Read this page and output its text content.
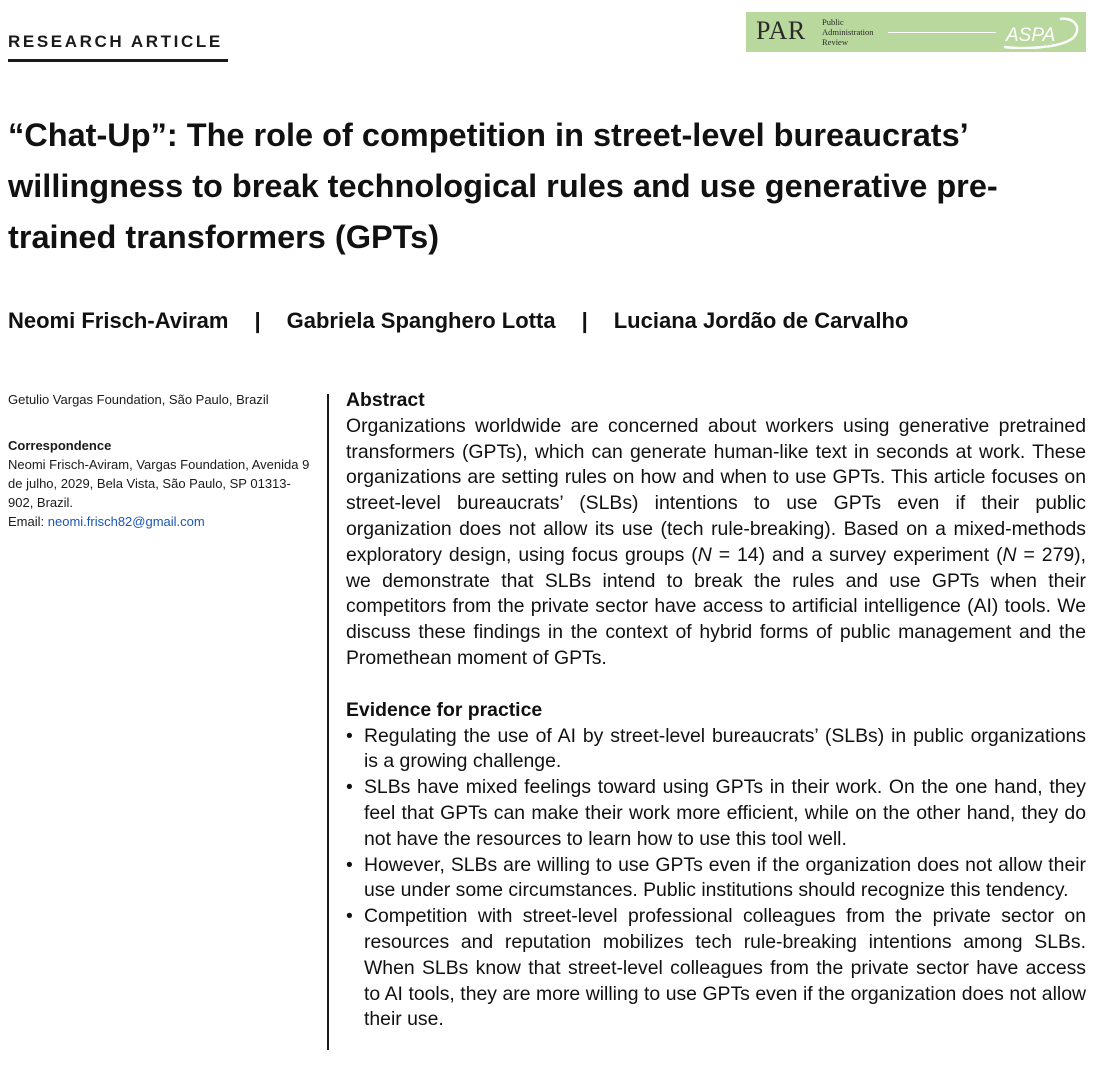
RESEARCH ARTICLE	PAR Public
Administration
Review	ASPA
“Chat-Up”: The role of competition in street-level bureaucrats’ willingness to break technological rules and use generative pre-trained transformers (GPTs)
Neomi Frisch-Aviram | Gabriela Spanghero Lotta | Luciana Jordão de Carvalho
Getulio Vargas Foundation, São Paulo, Brazil
Correspondence
Neomi Frisch-Aviram, Vargas Foundation, Avenida 9 de julho, 2029, Bela Vista, São Paulo, SP 01313-902, Brazil.
Email: neomi.frisch82@gmail.com
Abstract

Organizations worldwide are concerned about workers using generative pretrained transformers (GPTs), which can generate human-like text in seconds at work. These organizations are setting rules on how and when to use GPTs. This article focuses on street-level bureaucrats’ (SLBs) intentions to use GPTs even if their public organization does not allow its use (tech rule-breaking). Based on a mixed-methods exploratory design, using focus groups (N = 14) and a survey experiment (N = 279), we demonstrate that SLBs intend to break the rules and use GPTs when their competitors from the private sector have access to artificial intelligence (AI) tools. We discuss these findings in the context of hybrid forms of public management and the Promethean moment of GPTs.

Evidence for practice
• Regulating the use of AI by street-level bureaucrats’ (SLBs) in public organizations is a growing challenge.
• SLBs have mixed feelings toward using GPTs in their work. On the one hand, they feel that GPTs can make their work more efficient, while on the other hand, they do not have the resources to learn how to use this tool well.
• However, SLBs are willing to use GPTs even if the organization does not allow their use under some circumstances. Public institutions should recognize this tendency.
• Competition with street-level professional colleagues from the private sector on resources and reputation mobilizes tech rule-breaking intentions among SLBs. When SLBs know that street-level colleagues from the private sector have access to AI tools, they are more willing to use GPTs even if the organization does not allow their use.
